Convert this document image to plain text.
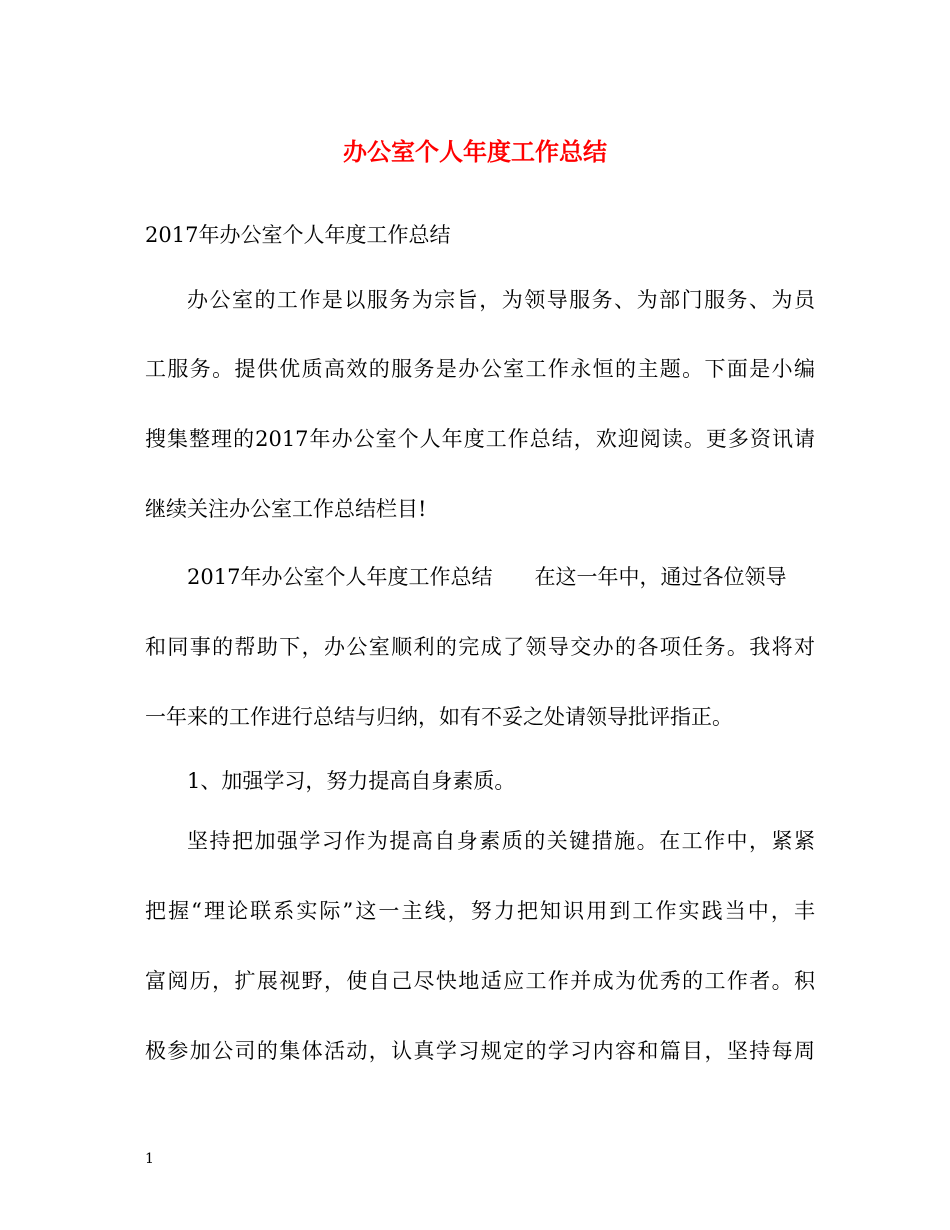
办公室个人年度工作总结

2017年办公室个人年度工作总结

办公室的工作是以服务为宗旨，为领导服务、为部门服务、为员

工服务。提供优质高效的服务是办公室工作永恒的主题。下面是小编

搜集整理的2017年办公室个人年度工作总结，欢迎阅读。更多资讯请

继续关注办公室工作总结栏目!

2017年办公室个人年度工作总结　　在这一年中，通过各位领导

和同事的帮助下，办公室顺利的完成了领导交办的各项任务。我将对

一年来的工作进行总结与归纳，如有不妥之处请领导批评指正。

1、加强学习，努力提高自身素质。

坚持把加强学习作为提高自身素质的关键措施。在工作中，紧紧

把握“理论联系实际”这一主线，努力把知识用到工作实践当中，丰

富阅历，扩展视野，使自己尽快地适应工作并成为优秀的工作者。积

极参加公司的集体活动，认真学习规定的学习内容和篇目，坚持每周

1
